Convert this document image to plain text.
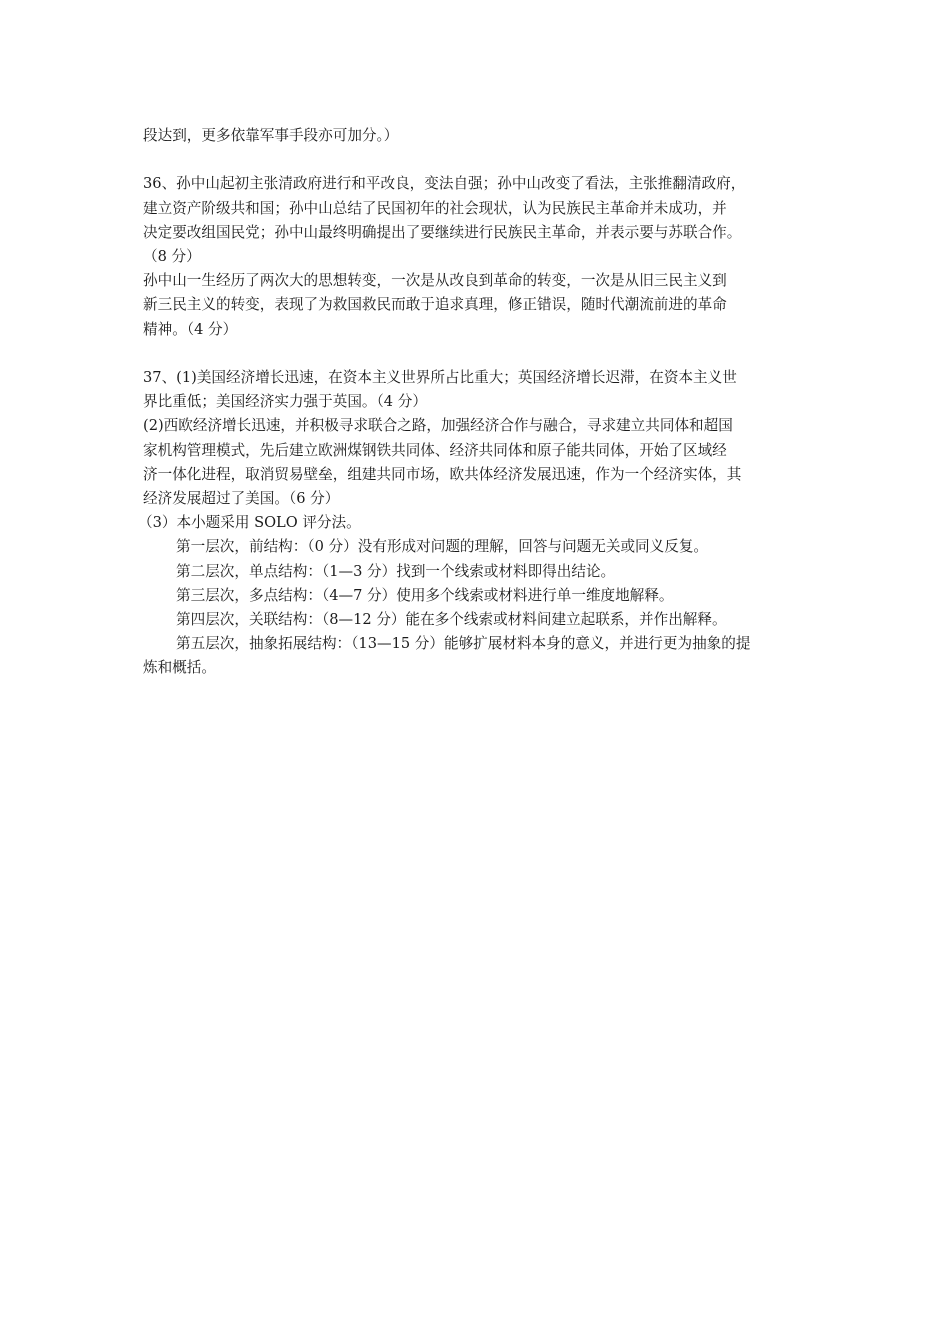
段达到，更多依靠军事手段亦可加分。）

36、孙中山起初主张清政府进行和平改良，变法自强；孙中山改变了看法，主张推翻清政府，

建立资产阶级共和国；孙中山总结了民国初年的社会现状，认为民族民主革命并未成功，并

决定要改组国民党；孙中山最终明确提出了要继续进行民族民主革命，并表示要与苏联合作。

（8 分）

孙中山一生经历了两次大的思想转变，一次是从改良到革命的转变，一次是从旧三民主义到

新三民主义的转变，表现了为救国救民而敢于追求真理，修正错误，随时代潮流前进的革命

精神。（4 分）

37、(1)美国经济增长迅速，在资本主义世界所占比重大；英国经济增长迟滞，在资本主义世

界比重低；美国经济实力强于英国。（4 分）

(2)西欧经济增长迅速，并积极寻求联合之路，加强经济合作与融合，寻求建立共同体和超国

家机构管理模式，先后建立欧洲煤钢铁共同体、经济共同体和原子能共同体，开始了区域经

济一体化进程，取消贸易壁垒，组建共同市场，欧共体经济发展迅速，作为一个经济实体，其

经济发展超过了美国。（6 分）

（3）本小题采用 SOLO 评分法。

第一层次，前结构：（0 分）没有形成对问题的理解，回答与问题无关或同义反复。

第二层次，单点结构：（1—3 分）找到一个线索或材料即得出结论。

第三层次，多点结构：（4—7 分）使用多个线索或材料进行单一维度地解释。

第四层次，关联结构：（8—12 分）能在多个线索或材料间建立起联系，并作出解释。

第五层次，抽象拓展结构：（13—15 分）能够扩展材料本身的意义，并进行更为抽象的提

炼和概括。
